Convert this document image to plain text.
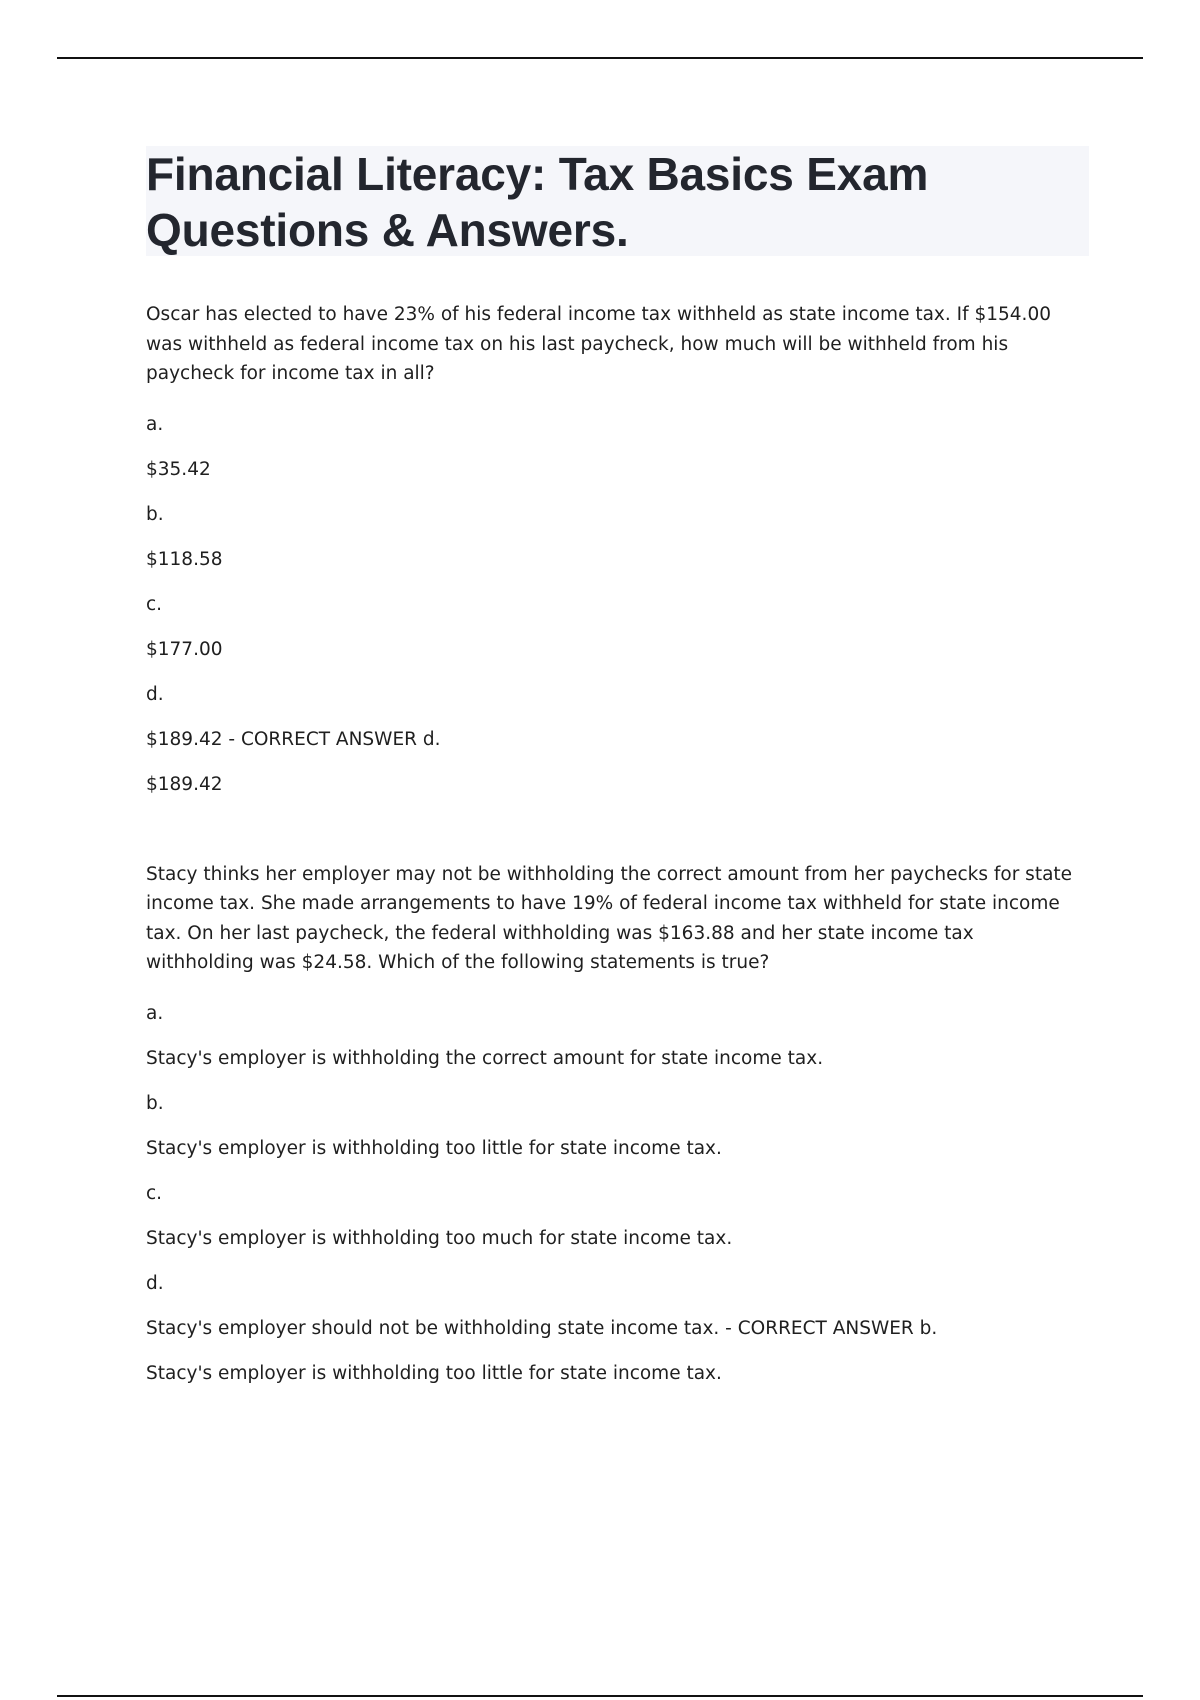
Financial Literacy: Tax Basics Exam Questions & Answers.

Oscar has elected to have 23% of his federal income tax withheld as state income tax. If $154.00 was withheld as federal income tax on his last paycheck, how much will be withheld from his paycheck for income tax in all?

a.

$35.42

b.

$118.58

c.

$177.00

d.

$189.42 - CORRECT ANSWER d.

$189.42

Stacy thinks her employer may not be withholding the correct amount from her paychecks for state income tax. She made arrangements to have 19% of federal income tax withheld for state income tax. On her last paycheck, the federal withholding was $163.88 and her state income tax withholding was $24.58. Which of the following statements is true?

a.

Stacy's employer is withholding the correct amount for state income tax.

b.

Stacy's employer is withholding too little for state income tax.

c.

Stacy's employer is withholding too much for state income tax.

d.

Stacy's employer should not be withholding state income tax. - CORRECT ANSWER b.

Stacy's employer is withholding too little for state income tax.
